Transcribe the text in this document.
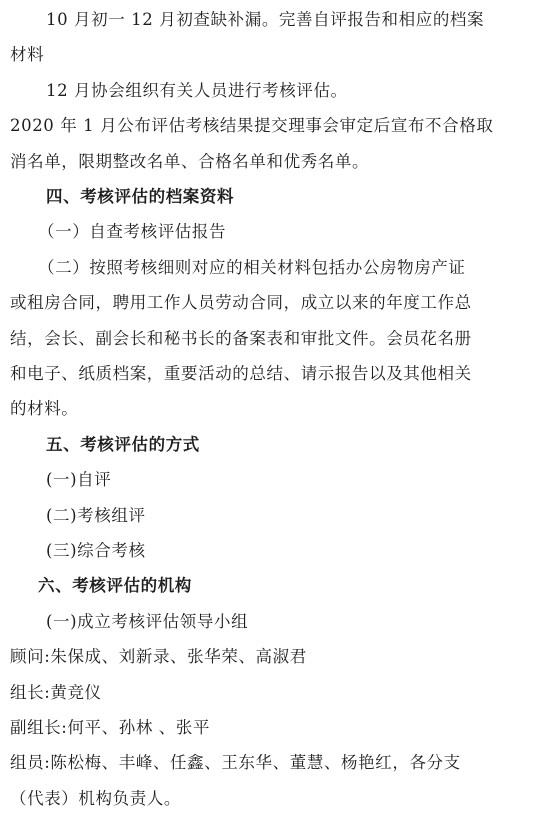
10 月初一 12 月初查缺补漏。完善自评报告和相应的档案
材料
12 月协会组织有关人员进行考核评估。
2020 年 1 月公布评估考核结果提交理事会审定后宣布不合格取
消名单，限期整改名单、合格名单和优秀名单。
四、考核评估的档案资料
（一）自查考核评估报告
（二）按照考核细则对应的相关材料包括办公房物房产证
或租房合同，聘用工作人员劳动合同，成立以来的年度工作总
结，会长、副会长和秘书长的备案表和审批文件。会员花名册
和电子、纸质档案，重要活动的总结、请示报告以及其他相关
的材料。
五、考核评估的方式
(一)自评
(二)考核组评
(三)综合考核
六、考核评估的机构
(一)成立考核评估领导小组
顾问:朱保成、刘新录、张华荣、高淑君
组长:黄竞仪
副组长:何平、孙林 、张平
组员:陈松梅、丰峰、任鑫、王东华、董慧、杨艳红，各分支
（代表）机构负责人。
